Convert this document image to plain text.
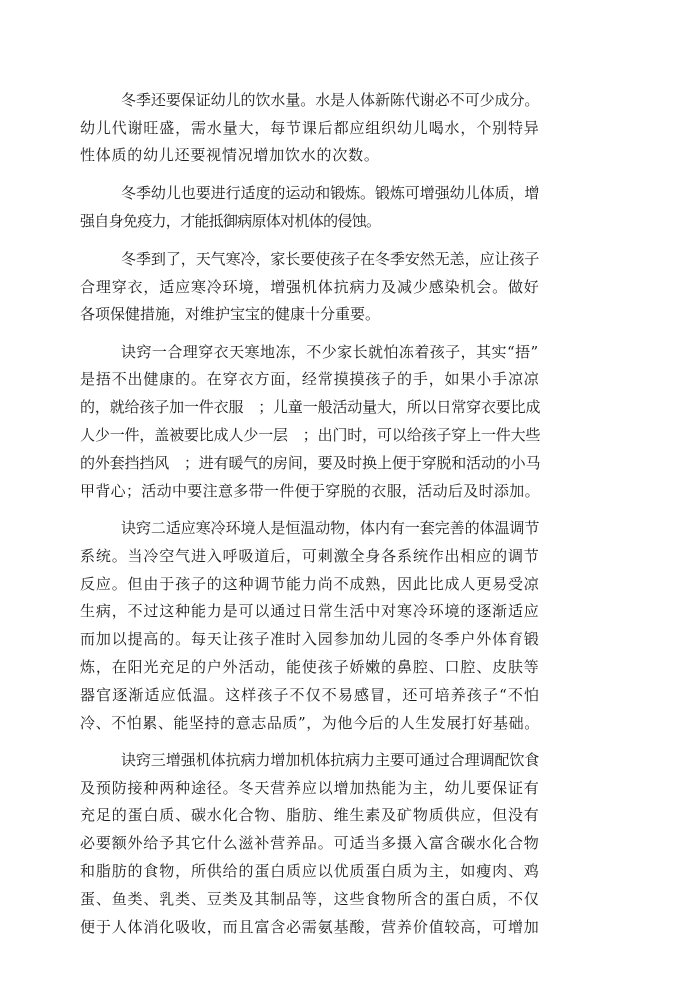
冬季还要保证幼儿的饮水量。水是人体新陈代谢必不可少成分。
幼儿代谢旺盛，需水量大，每节课后都应组织幼儿喝水，个别特异
性体质的幼儿还要视情况增加饮水的次数。
冬季幼儿也要进行适度的运动和锻炼。锻炼可增强幼儿体质，增
强自身免疫力，才能抵御病原体对机体的侵蚀。
冬季到了，天气寒冷，家长要使孩子在冬季安然无恙，应让孩子
合理穿衣，适应寒冷环境，增强机体抗病力及减少感染机会。做好
各项保健措施，对维护宝宝的健康十分重要。
诀窍一合理穿衣天寒地冻，不少家长就怕冻着孩子，其实“捂”
是捂不出健康的。在穿衣方面，经常摸摸孩子的手，如果小手凉凉
的，就给孩子加一件衣服　；儿童一般活动量大，所以日常穿衣要比成
人少一件，盖被要比成人少一层　；出门时，可以给孩子穿上一件大些
的外套挡挡风　；进有暖气的房间，要及时换上便于穿脱和活动的小马
甲背心；活动中要注意多带一件便于穿脱的衣服，活动后及时添加。
诀窍二适应寒冷环境人是恒温动物，体内有一套完善的体温调节
系统。当冷空气进入呼吸道后，可刺激全身各系统作出相应的调节
反应。但由于孩子的这种调节能力尚不成熟，因此比成人更易受凉
生病，不过这种能力是可以通过日常生活中对寒冷环境的逐渐适应
而加以提高的。每天让孩子准时入园参加幼儿园的冬季户外体育锻
炼，在阳光充足的户外活动，能使孩子娇嫩的鼻腔、口腔、皮肤等
器官逐渐适应低温。这样孩子不仅不易感冒，还可培养孩子“不怕
冷、不怕累、能坚持的意志品质”，为他今后的人生发展打好基础。
诀窍三增强机体抗病力增加机体抗病力主要可通过合理调配饮食
及预防接种两种途径。冬天营养应以增加热能为主，幼儿要保证有
充足的蛋白质、碳水化合物、脂肪、维生素及矿物质供应，但没有
必要额外给予其它什么滋补营养品。可适当多摄入富含碳水化合物
和脂肪的食物，所供给的蛋白质应以优质蛋白质为主，如瘦肉、鸡
蛋、鱼类、乳类、豆类及其制品等，这些食物所含的蛋白质，不仅
便于人体消化吸收，而且富含必需氨基酸，营养价值较高，可增加
